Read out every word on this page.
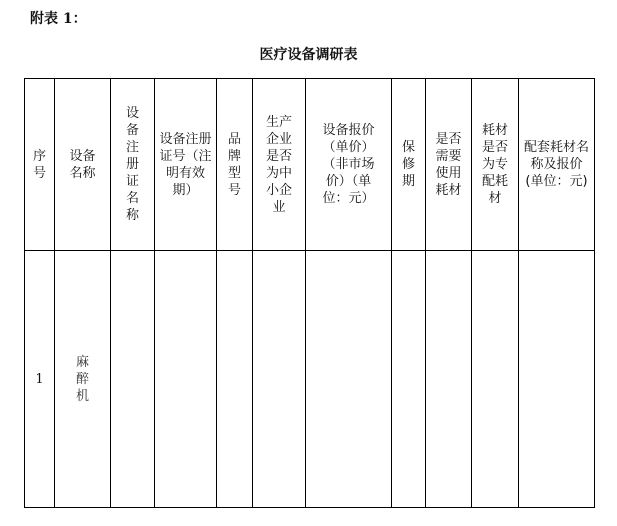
附表 1：
医疗设备调研表
序号	设备名称	设备注册证名称	设备注册证号（注明有效期）	品牌型号	生产企业是否为中小企业	设备报价（单价）（非市场价）（单位：元）	保修期	是否需要使用耗材	耗材是否为专配耗材	配套耗材名称及报价(单位：元)

1	麻醉机									
